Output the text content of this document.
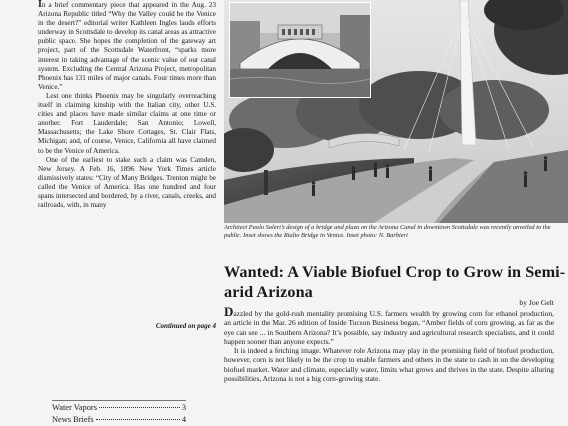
In a brief commentary piece that appeared in the Aug. 23 Arizona Republic titled “Why the Valley could be the Venice in the desert?” editorial writer Kathleen Ingles lauds efforts underway in Scottsdale to develop its canal areas as attractive public space. She hopes the completion of the gateway art project, part of the Scottsdale Waterfront, “sparks more interest in taking advantage of the scenic value of our canal system. Excluding the Central Arizona Project, metropolitan Phoenix has 131 miles of major canals. Four times more than Venice.”

Lest one thinks Phoenix may be singularly overreaching itself in claiming kinship with the Italian city, other U.S. cities and places have made similar claims at one time or another. Fort Lauderdale; San Antonio; Lowell, Massachusetts; the Lake Shore Cottages, St. Clair Flats, Michigan; and, of course, Venice, California all have claimed to be the Venice of America.

One of the earliest to stake such a claim was Camden, New Jersey. A Feb. 16, 1896 New York Times article dismissively states: “City of Many Bridges. Trenton might be called the Venice of America. Has one hundred and four spans intersected and bordered, by a river, canals, creeks, and railroads, with, in many

Continued on page 4
Water Vapors	3
News Briefs	4
Architect Paolo Soleri’s design of a bridge and plaza on the Arizona Canal in downtown Scottsdale was recently unveiled to the public. Inset shows the Rialto Bridge in Venice. Inset photo: N. Barbieri
Wanted: A Viable Biofuel Crop to Grow in Semi-arid Arizona
by Joe Gelt

Dazzled by the gold-rush mentality promising U.S. farmers wealth by growing corn for ethanol production, an article in the Mar. 26 edition of Inside Tucson Business began, “Amber fields of corn growing, as far as the eye can see ... in Southern Arizona? It’s possible, say industry and agricultural research specialists, and it could happen sooner than anyone expects.”

It is indeed a fetching image. Whatever role Arizona may play in the promising field of biofuel production, however, corn is not likely to be the crop to enable farmers and others in the state to cash in on the developing biofuel market. Water and climate, especially water, limits what grows and thrives in the state. Despite alluring possibilities, Arizona is not a big corn-growing state.
